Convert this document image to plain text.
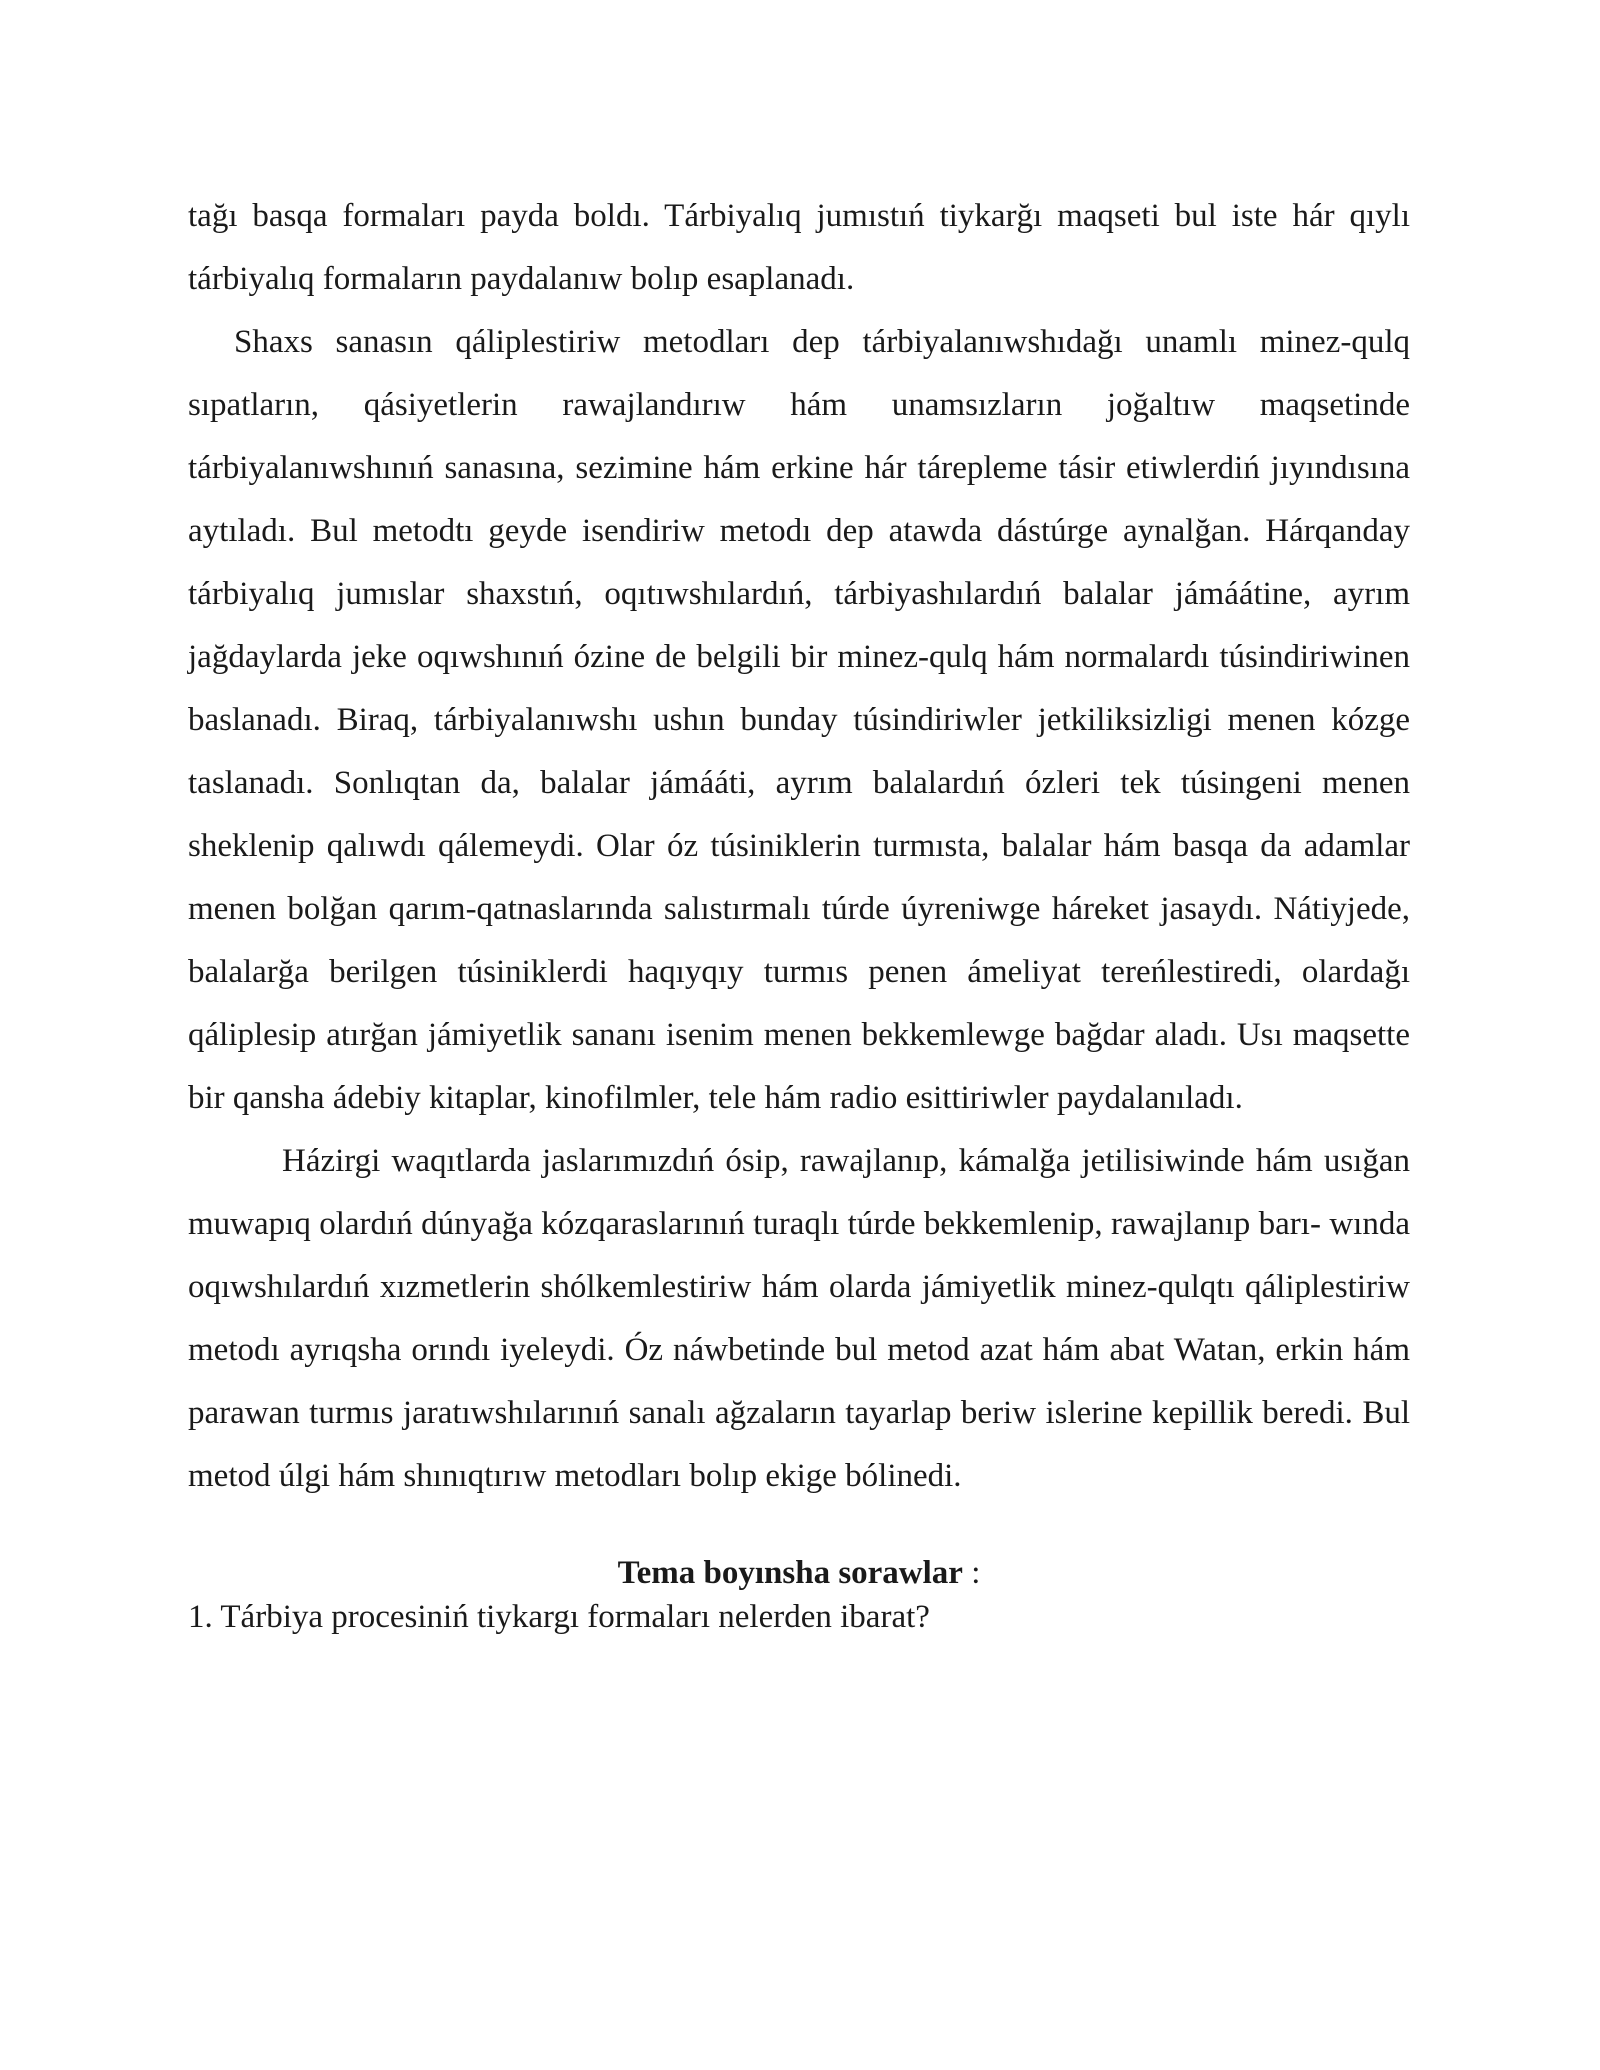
tağı basqa formaları payda boldı. Tárbiyalıq jumıstıń tiykarğı maqseti bul iste hár qıylı tárbiyalıq formaların paydalanıw bolıp esaplanadı.

Shaxs sanasın qáliplestiriw metodları dep tárbiyalanıwshıdağı unamlı minez-qulq sıpatların, qásiyetlerin rawajlandırıw hám unamsızların joğaltıw maqsetinde tárbiyalanıwshınıń sanasına, sezimine hám erkine hár tárepleme tásir etiwlerdiń jıyındısına aytıladı. Bul metodtı geyde isendiriw metodı dep atawda dástúrge aynalğan. Hárqanday tárbiyalıq jumıslar shaxstıń, oqıtıwshılardıń, tárbiyashılardıń balalar jámáátine, ayrım jağdaylarda jeke oqıwshınıń ózine de belgili bir minez-qulq hám normalardı túsindiriwinen baslanadı. Biraq, tárbiyalanıwshı ushın bunday túsindiriwler jetkiliksizligi menen kózge taslanadı. Sonlıqtan da, balalar jámááti, ayrım balalardıń ózleri tek túsingeni menen sheklenip qalıwdı qálemeydi. Olar óz túsiniklerin turmısta, balalar hám basqa da adamlar menen bolğan qarım-qatnaslarında salıstırmalı túrde úyreniwge háreket jasaydı. Nátiyjede, balalarğa berilgen túsiniklerdi haqıyqıy turmıs penen ámeliyat tereńlestiredi, olardağı qáliplesip atırğan jámiyetlik sananı isenim menen bekkemlewge bağdar aladı. Usı maqsette bir qansha ádebiy kitaplar, kinofilmler, tele hám radio esittiriwler paydalanıladı.

Házirgi waqıtlarda jaslarımızdıń ósip, rawajlanıp, kámalğa jetilisiwinde hám usığan muwapıq olardıń dúnyağa kózqaraslarınıń turaqlı túrde bekkemlenip, rawajlanıp barı- wında oqıwshılardıń xızmetlerin shólkemlestiriw hám olarda jámiyetlik minez-qulqtı qáliplestiriw metodı ayrıqsha orındı iyeleydi. Óz náwbetinde bul metod azat hám abat Watan, erkin hám parawan turmıs jaratıwshılarınıń sanalı ağzaların tayarlap beriw islerine kepillik beredi. Bul metod úlgi hám shınıqtırıw metodları bolıp ekige bólinedi.

Tema boyınsha sorawlar :

1. Tárbiya procesiniń tiykargı formaları nelerden ibarat?
